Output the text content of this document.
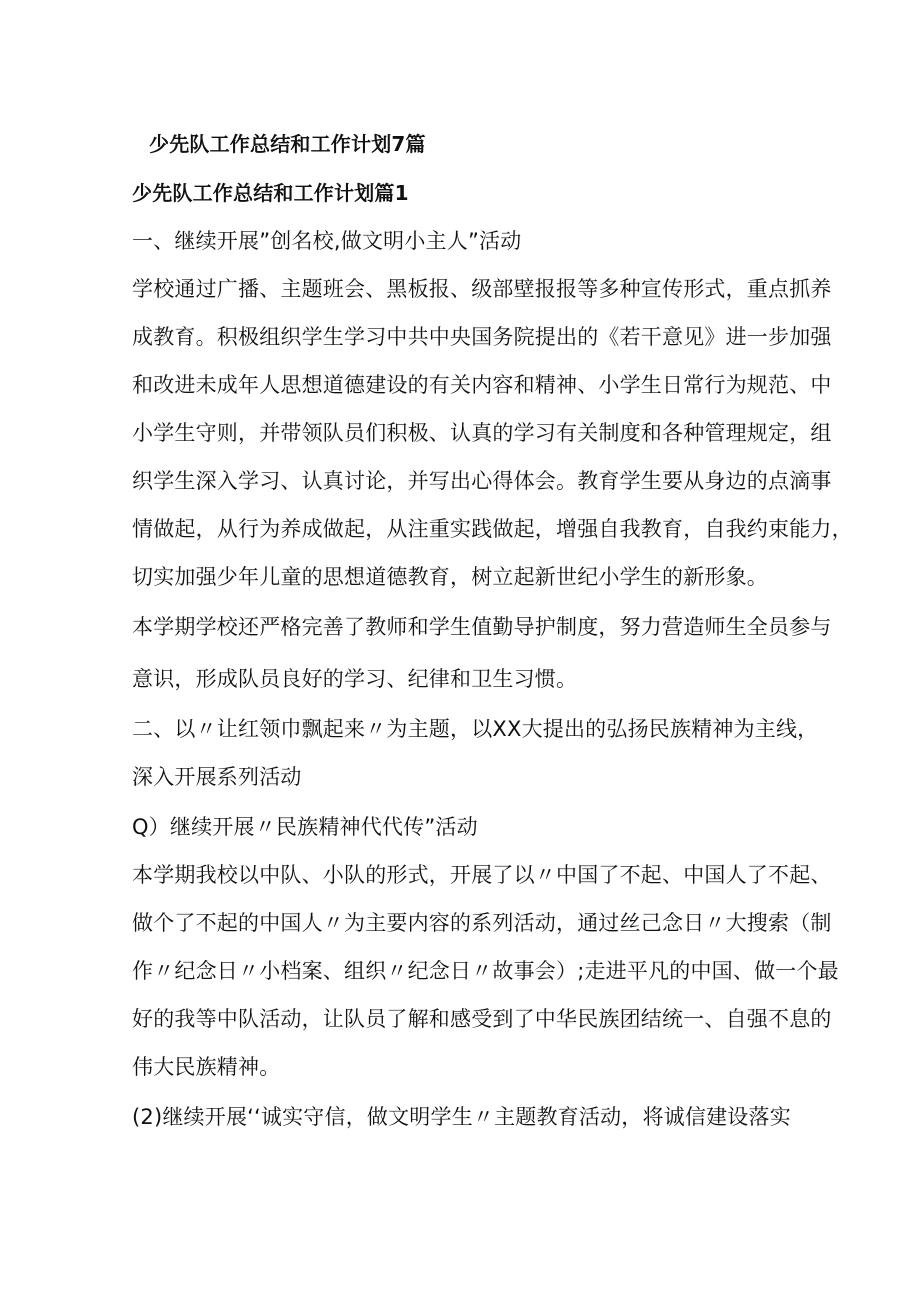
少先队工作总结和工作计划7篇
少先队工作总结和工作计划篇1
一、继续开展”创名校,做文明小主人”活动
学校通过广播、主题班会、黑板报、级部壁报报等多种宣传形式，重点抓养
成教育。积极组织学生学习中共中央国务院提出的《若干意见》进一步加强
和改进未成年人思想道德建设的有关内容和精神、小学生日常行为规范、中
小学生守则，并带领队员们积极、认真的学习有关制度和各种管理规定，组
织学生深入学习、认真讨论，并写出心得体会。教育学生要从身边的点滴事
情做起，从行为养成做起，从注重实践做起，增强自我教育，自我约束能力，
切实加强少年儿童的思想道德教育，树立起新世纪小学生的新形象。
本学期学校还严格完善了教师和学生值勤导护制度，努力营造师生全员参与
意识，形成队员良好的学习、纪律和卫生习惯。
二、以〃让红领巾飘起来〃为主题，以XX大提出的弘扬民族精神为主线，
深入开展系列活动
Q）继续开展〃民族精神代代传”活动
本学期我校以中队、小队的形式，开展了以〃中国了不起、中国人了不起、
做个了不起的中国人〃为主要内容的系列活动，通过丝己念日〃大搜索（制
作〃纪念日〃小档案、组织〃纪念日〃故事会）;走进平凡的中国、做一个最
好的我等中队活动，让队员了解和感受到了中华民族团结统一、自强不息的
伟大民族精神。
(2)继续开展‘‘诚实守信，做文明学生〃主题教育活动，将诚信建设落实
